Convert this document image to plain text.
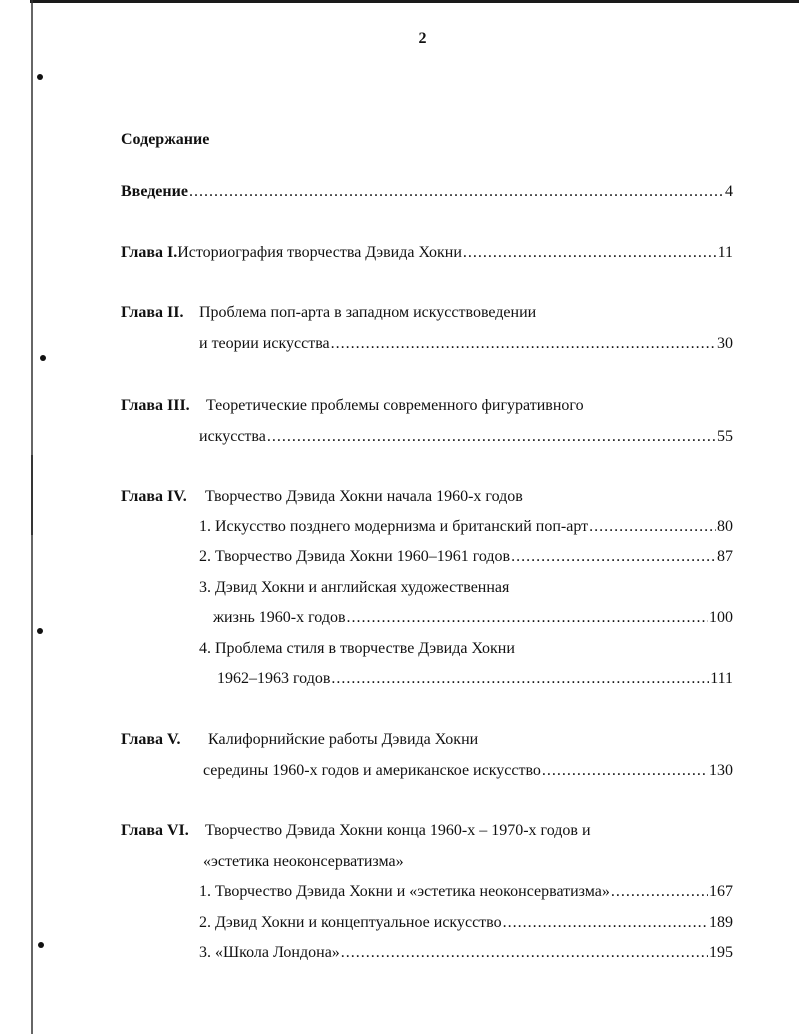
2
Содержание
Введение .....	4
Глава I. Историография творчества Дэвида Хокни .....	11
Глава II. Проблема поп-арта в западном искусствоведении
и теории искусства .....	30
Глава III.	Теоретические проблемы современного фигуративного
искусства .....	55
Глава IV.	Творчество Дэвида Хокни начала 1960-х годов
1. Искусство позднего модернизма и британский поп-арт .....	80
2. Творчество Дэвида Хокни 1960–1961 годов .....	87
3. Дэвид Хокни и английская художественная
жизнь 1960-х годов .....	100
4. Проблема стиля в творчестве Дэвида Хокни
1962–1963 годов .....	111
Глава V.	Калифорнийские работы Дэвида Хокни
середины 1960-х годов и американское искусство .....	130
Глава VI.	Творчество Дэвида Хокни конца 1960-х – 1970-х годов и
«эстетика неоконсерватизма»
1. Творчество Дэвида Хокни и «эстетика неоконсерватизма» .....	167
2. Дэвид Хокни и концептуальное искусство .....	189
3. «Школа Лондона» .....	195
